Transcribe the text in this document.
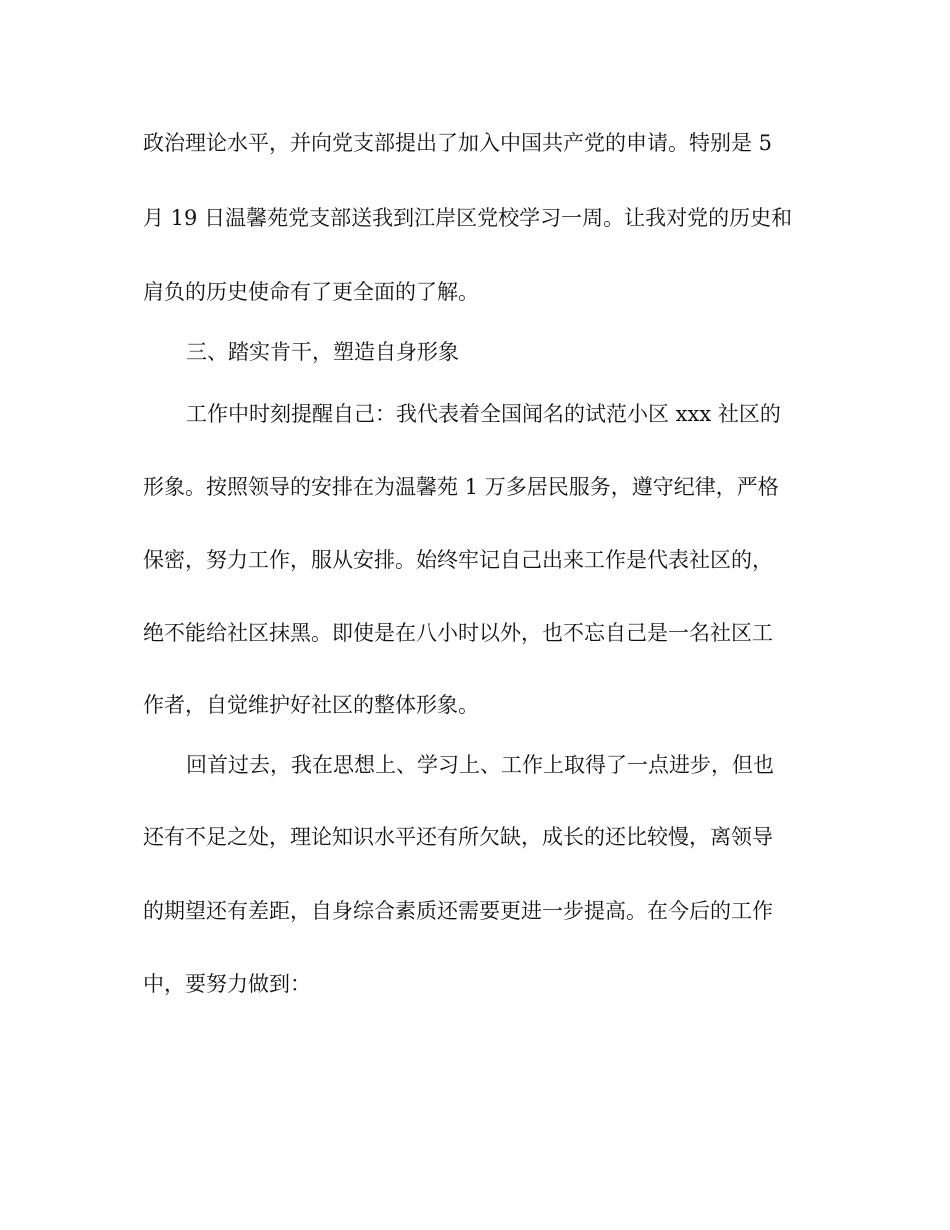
政治理论水平，并向党支部提出了加入中国共产党的申请。特别是 5

月 19 日温馨苑党支部送我到江岸区党校学习一周。让我对党的历史和

肩负的历史使命有了更全面的了解。

三、踏实肯干，塑造自身形象

工作中时刻提醒自己：我代表着全国闻名的试范小区 xxx 社区的

形象。按照领导的安排在为温馨苑 1 万多居民服务，遵守纪律，严格

保密，努力工作，服从安排。始终牢记自己出来工作是代表社区的，

绝不能给社区抹黑。即使是在八小时以外，也不忘自己是一名社区工

作者，自觉维护好社区的整体形象。

回首过去，我在思想上、学习上、工作上取得了一点进步，但也

还有不足之处，理论知识水平还有所欠缺，成长的还比较慢，离领导

的期望还有差距，自身综合素质还需要更进一步提高。在今后的工作

中，要努力做到：
